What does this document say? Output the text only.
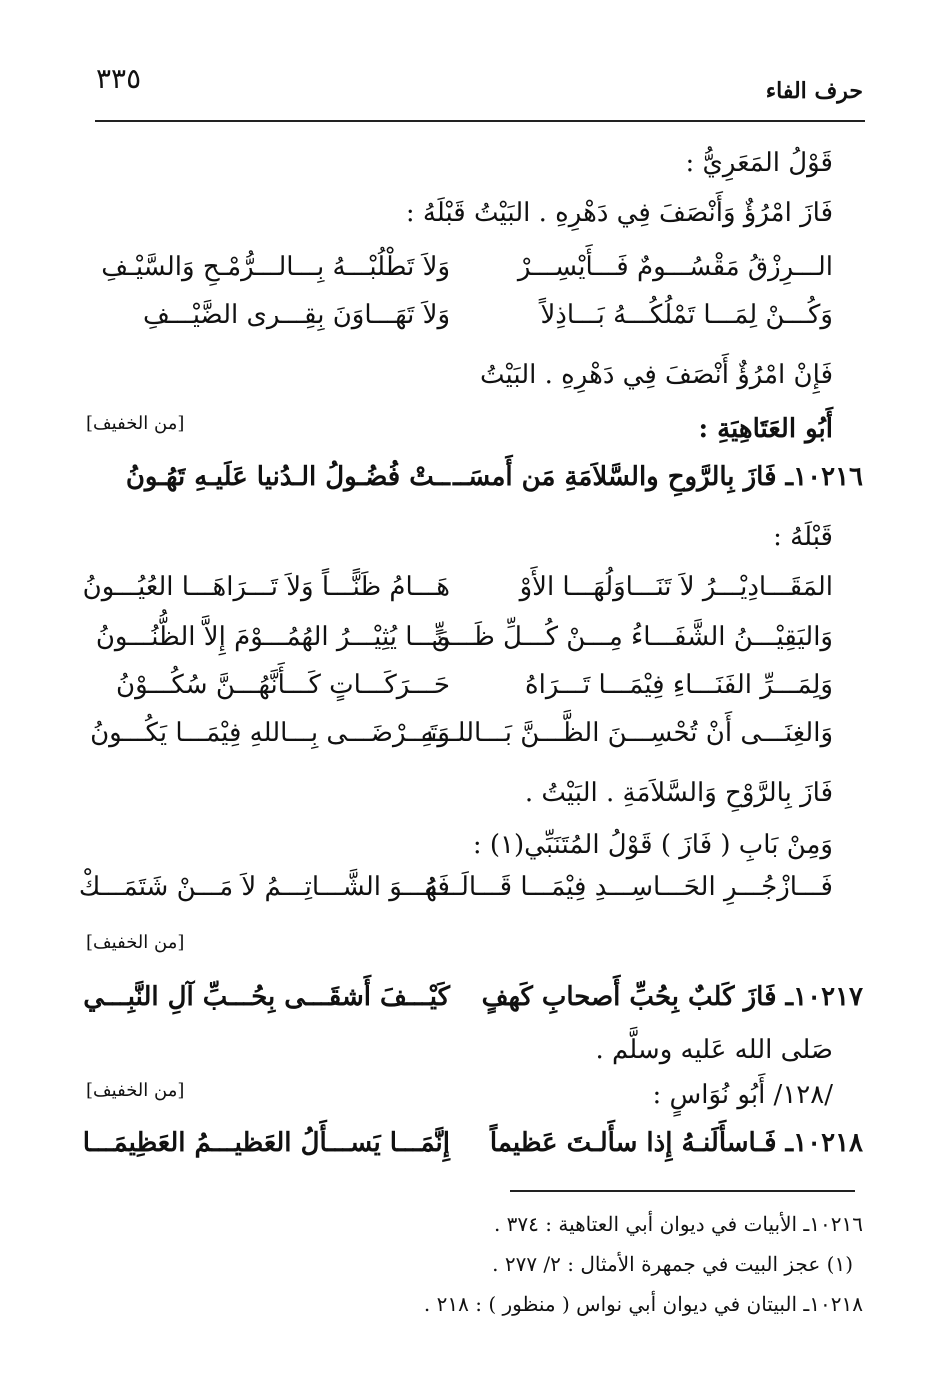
٣٣٥	حرف الفاء
قَوْلُ المَعَرِيُّ :
فَازَ امْرُؤٌ وَأَنْصَفَ فِي دَهْرِهِ . البَيْتُ قَبْلَهُ :
الـــرِزْقُ مَقْسُـــومٌ فَـــأَيْسِـــرْ
وَلاَ تَطْلُبْـــهُ بِـــالـــرُّمْـحِ وَالسَّيْـفِ
وَكُـــنْ لِمَـــا تَمْلُكُـــهُ بَـــاذِلاً
وَلاَ تَهَـــاوَنَ بِقِـــرى الضَّيْـــفِ
فَإِنْ امْرُؤٌ أَنْصَفَ فِي دَهْرِهِ . البَيْتُ
أَبُو العَتَاهِيَةِ :
[من الخفيف]
١٠٢١٦ـ فَازَ بِالرَّوحِ والسَّلاَمَةِ مَن أَمسَــ
ــتْ فُضُـولُ الـدُنيا عَلَيـهِ تَهُـونُ
قَبْلَهُ :
المَقَـــادِيْـــرُ لاَ تَنَـــاوَلُهَـــا الأَوْ
هَـــامُ ظَنًّـــاً وَلاَ تَـــرَاهَـــا العُيُـــونُ
وَاليَقِيْـــنُ الشَّفَـــاءُ مِـــنْ كُـــلِّ ظَـــنٍّ
مَـــا يُثِيْـــرُ الهُمُـــوْمَ إِلاَّ الظُّنُـــونُ
وَلِمَـــرِّ الفَنَـــاءِ فِيْمَـــا تَـــرَاهُ
حَـــرَكَـــاتٍ كَـــأَنَّهُـــنَّ سُكُـــوْنُ
وَالغِنَـــى أَنْ تُحْسِـــنَ الظَّـــنَّ بَـــاللـــهِ
وَتَـــرْضَـــى بِـــاللهِ فِيْمَـــا يَكُـــونُ
فَازَ بِالرَّوْحِ وَالسَّلاَمَةِ . البَيْتُ .
وَمِنْ بَابِ ( فَازَ ) قَوْلُ المُتَنَبِّي(١) :
فَـــازْجُـــرِ الحَـــاسِـــدِ فِيْمَـــا قَـــالَـــهُ
فَهُـــوَ الشَّـــاتِـــمُ لاَ مَـــنْ شَتَمَـــكْ
[من الخفيف]
١٠٢١٧ـ فَازَ كَلبٌ بِحُبِّ أَصحابِ كَهفٍ
كَيْـــفَ أَشقَـــى بِحُـــبِّ آلِ النَّبِـــي
صَلى الله عَليه وسلَّم .
/١٢٨/ أَبُو نُوَاسٍ :
[من الخفيف]
١٠٢١٨ـ فَـاسأَلَنـهُ إِذا سأَلـتَ عَظيماً
إِنَّمَـــا يَســـأَلُ العَظيـــمُ العَظِيمَـــا
١٠٢١٦ـ الأبيات في ديوان أبي العتاهية : ٣٧٤ .
(١) عجز البيت في جمهرة الأمثال : ٢/ ٢٧٧ .
١٠٢١٨ـ البيتان في ديوان أبي نواس ( منظور ) : ٢١٨ .
